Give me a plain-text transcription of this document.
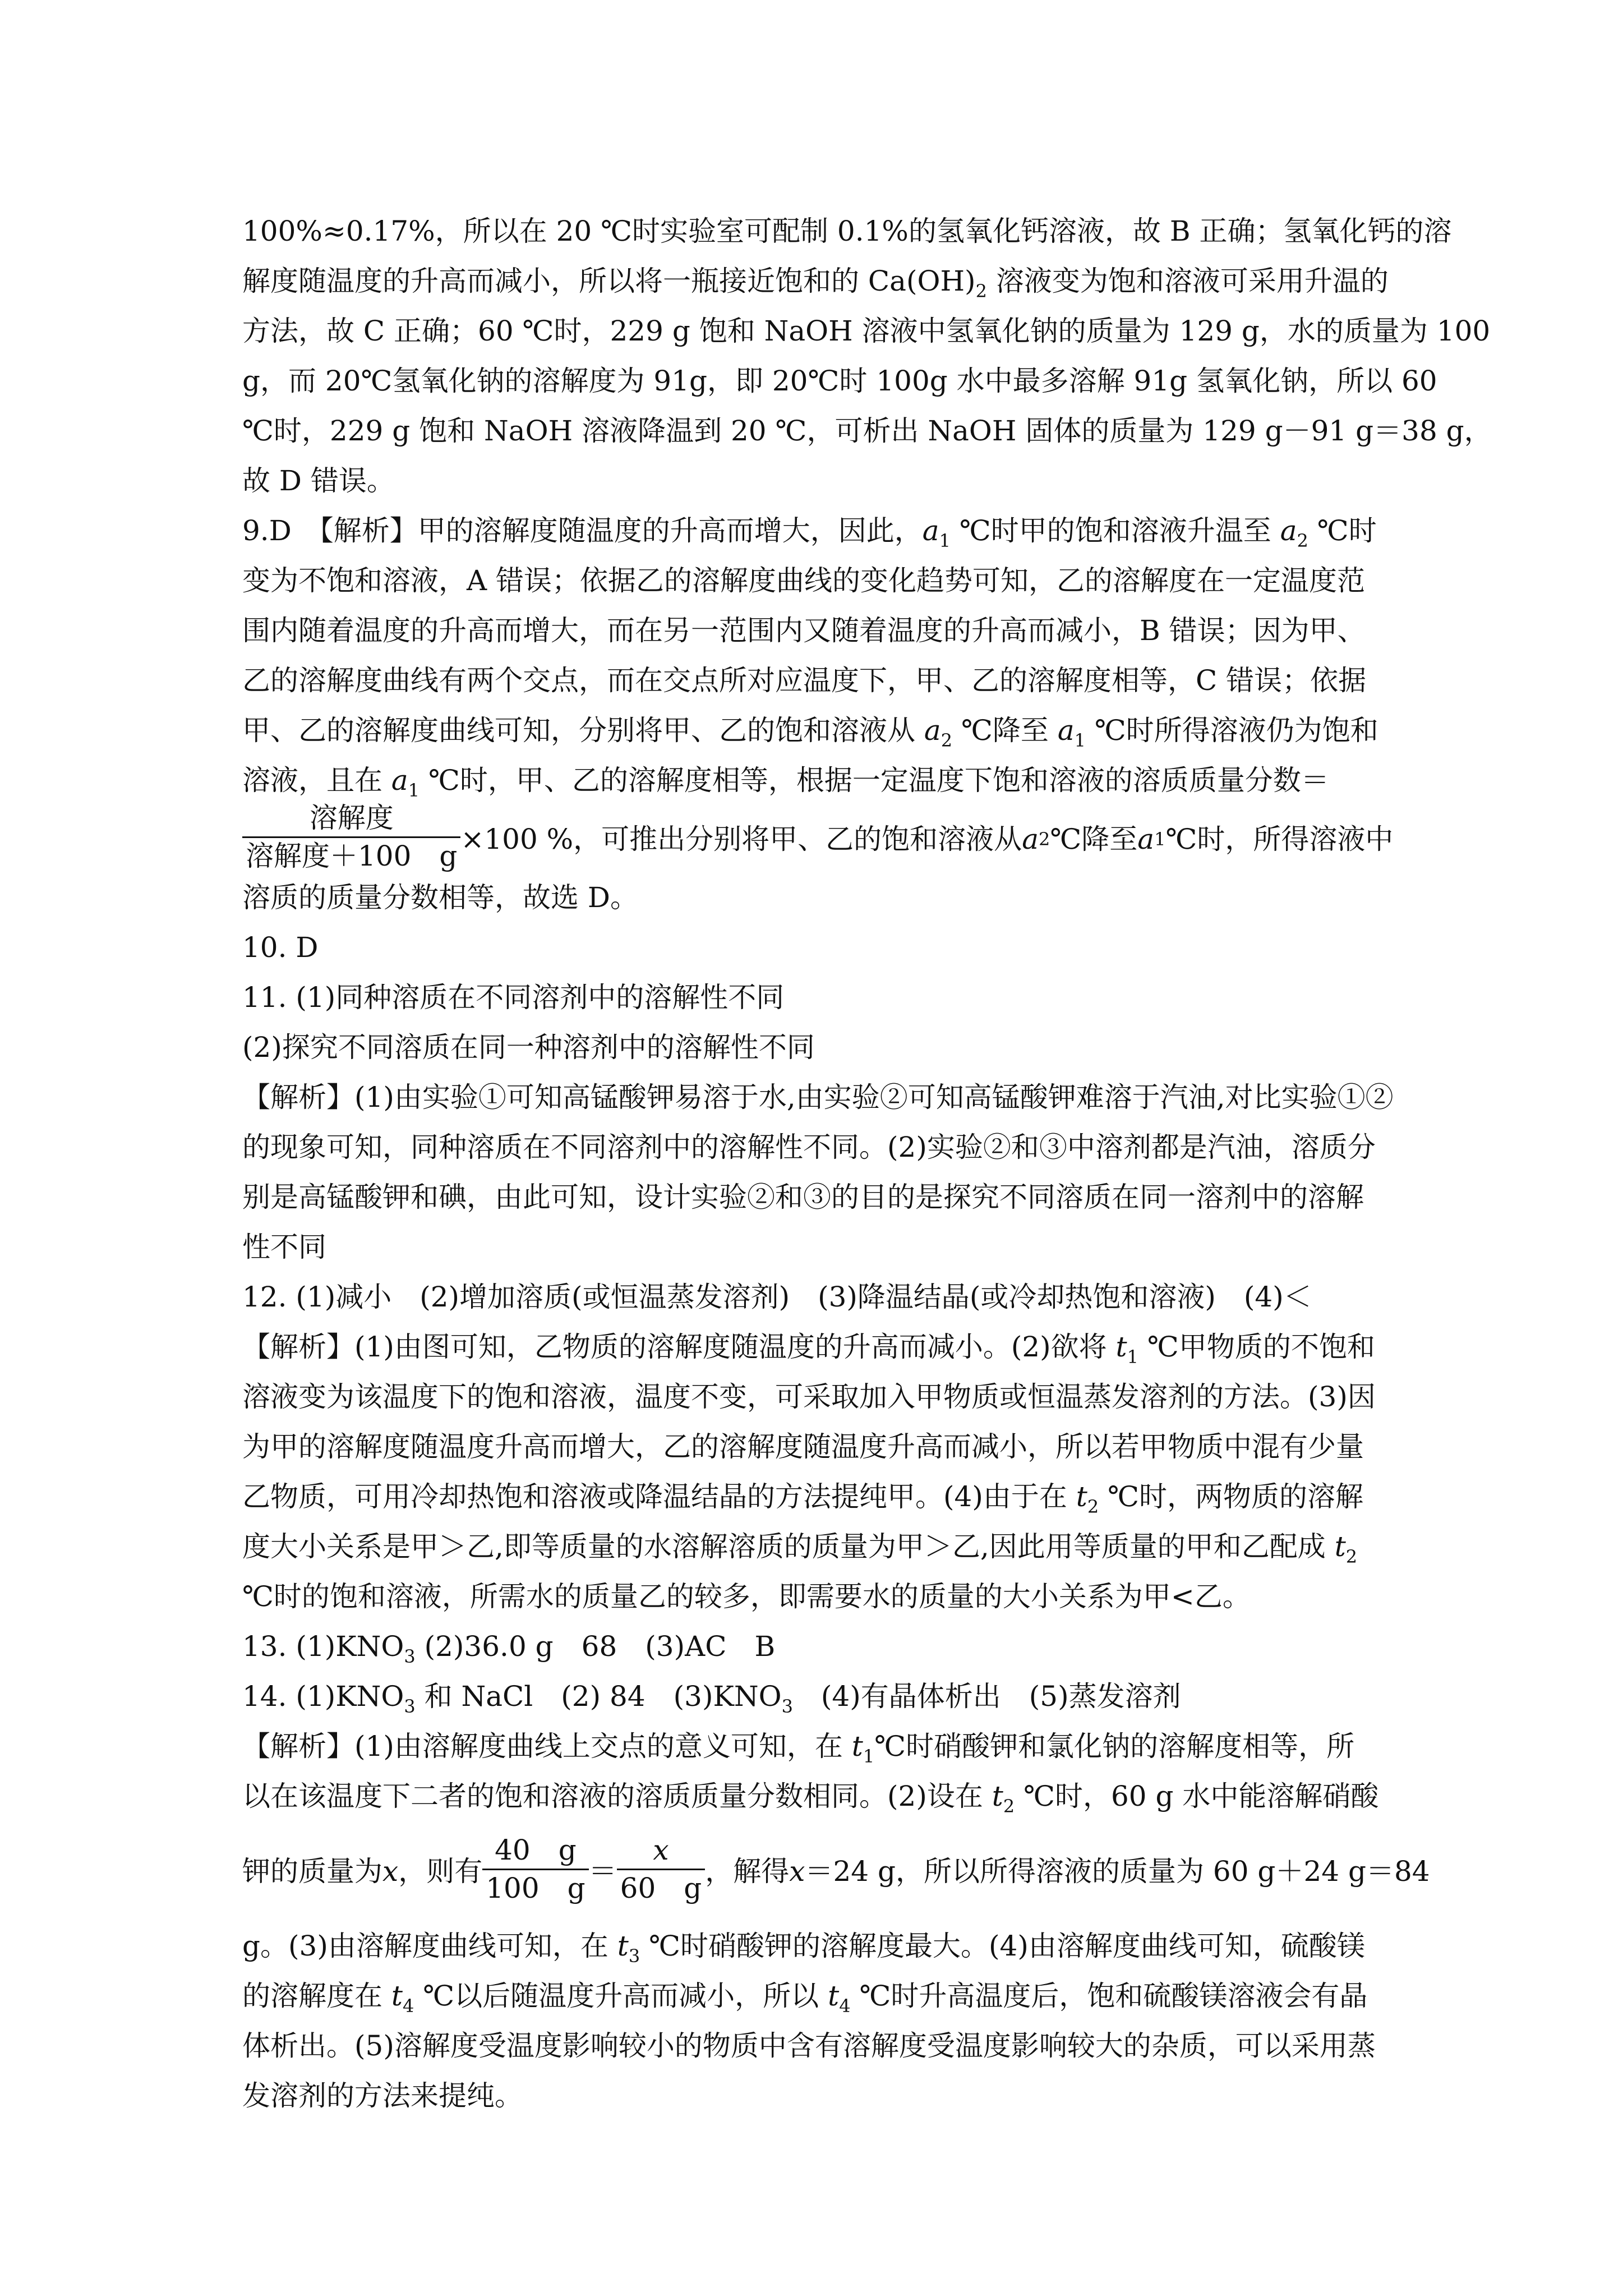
100%≈0.17%，所以在 20 ℃时实验室可配制 0.1%的氢氧化钙溶液，故 B 正确；氢氧化钙的溶
解度随温度的升高而减小，所以将一瓶接近饱和的 $Ca(OH)_2$ 溶液变为饱和溶液可采用升温的
方法，故 C 正确；60 ℃时，229 g 饱和 NaOH 溶液中氢氧化钠的质量为 129 g，水的质量为 100
g，而 20℃氢氧化钠的溶解度为 91g，即 20℃时 100g 水中最多溶解 91g 氢氧化钠，所以 60
℃时，229 g 饱和 NaOH 溶液降温到 20 ℃，可析出 NaOH 固体的质量为 129 g－91 g＝38 g，
故 D 错误。
9.D　【解析】甲的溶解度随温度的升高而增大，因此，$a_1$ ℃时甲的饱和溶液升温至 $a_2$ ℃时
变为不饱和溶液，A 错误；依据乙的溶解度曲线的变化趋势可知，乙的溶解度在一定温度范
围内随着温度的升高而增大，而在另一范围内又随着温度的升高而减小，B 错误；因为甲、
乙的溶解度曲线有两个交点，而在交点所对应温度下，甲、乙的溶解度相等，C 错误；依据
甲、乙的溶解度曲线可知，分别将甲、乙的饱和溶液从 $a_2$ ℃降至 $a_1$ ℃时所得溶液仍为饱和
溶液，且在 $a_1$ ℃时，甲、乙的溶解度相等，根据一定温度下饱和溶液的溶质质量分数＝
$\frac{\text{溶解度}}{\text{溶解度＋100　g}} \times 100$ %，可推出分别将甲、乙的饱和溶液从 a 2 ℃降至 a 1 ℃时，所得溶液中
溶质的质量分数相等，故选 D。
10. D
11. (1)同种溶质在不同溶剂中的溶解性不同
(2)探究不同溶质在同一种溶剂中的溶解性不同
【解析】(1)由实验①可知高锰酸钾易溶于水,由实验②可知高锰酸钾难溶于汽油,对比实验①②
的现象可知，同种溶质在不同溶剂中的溶解性不同。(2)实验②和③中溶剂都是汽油，溶质分
别是高锰酸钾和碘，由此可知，设计实验②和③的目的是探究不同溶质在同一溶剂中的溶解
性不同
12. (1)减小　(2)增加溶质(或恒温蒸发溶剂)　(3)降温结晶(或冷却热饱和溶液)　(4)＜
【解析】(1)由图可知，乙物质的溶解度随温度的升高而减小。(2)欲将 $t_1$ ℃甲物质的不饱和
溶液变为该温度下的饱和溶液，温度不变，可采取加入甲物质或恒温蒸发溶剂的方法。(3)因
为甲的溶解度随温度升高而增大，乙的溶解度随温度升高而减小，所以若甲物质中混有少量
乙物质，可用冷却热饱和溶液或降温结晶的方法提纯甲。(4)由于在 $t_2$ ℃时，两物质的溶解
度大小关系是甲＞乙,即等质量的水溶解溶质的质量为甲＞乙,因此用等质量的甲和乙配成 $t_2$
℃时的饱和溶液，所需水的质量乙的较多，即需要水的质量的大小关系为甲<乙。
13. $(1)KNO_3$ (2)36.0 g　68　(3)AC　B
14. $(1)KNO_3$ 和 NaCl　(2) 84　$(3)KNO_3$　(4)有晶体析出　(5)蒸发溶剂
【解析】(1)由溶解度曲线上交点的意义可知，在 $t_1℃$时硝酸钾和氯化钠的溶解度相等，所
以在该温度下二者的饱和溶液的溶质质量分数相同。(2)设在 $t_2$ ℃时，60 g 水中能溶解硝酸
钾的质量为 x ，则有 $\frac{40 g}{100 g} = \frac{x}{60 g}$ ，解得 x ＝24 g，所以所得溶液的质量为 60 g＋24 g＝84
g。(3)由溶解度曲线可知，在 $t_3$ ℃时硝酸钾的溶解度最大。(4)由溶解度曲线可知，硫酸镁
的溶解度在 $t_4$ ℃以后随温度升高而减小，所以 $t_4$ ℃时升高温度后，饱和硫酸镁溶液会有晶
体析出。(5)溶解度受温度影响较小的物质中含有溶解度受温度影响较大的杂质，可以采用蒸
发溶剂的方法来提纯。
